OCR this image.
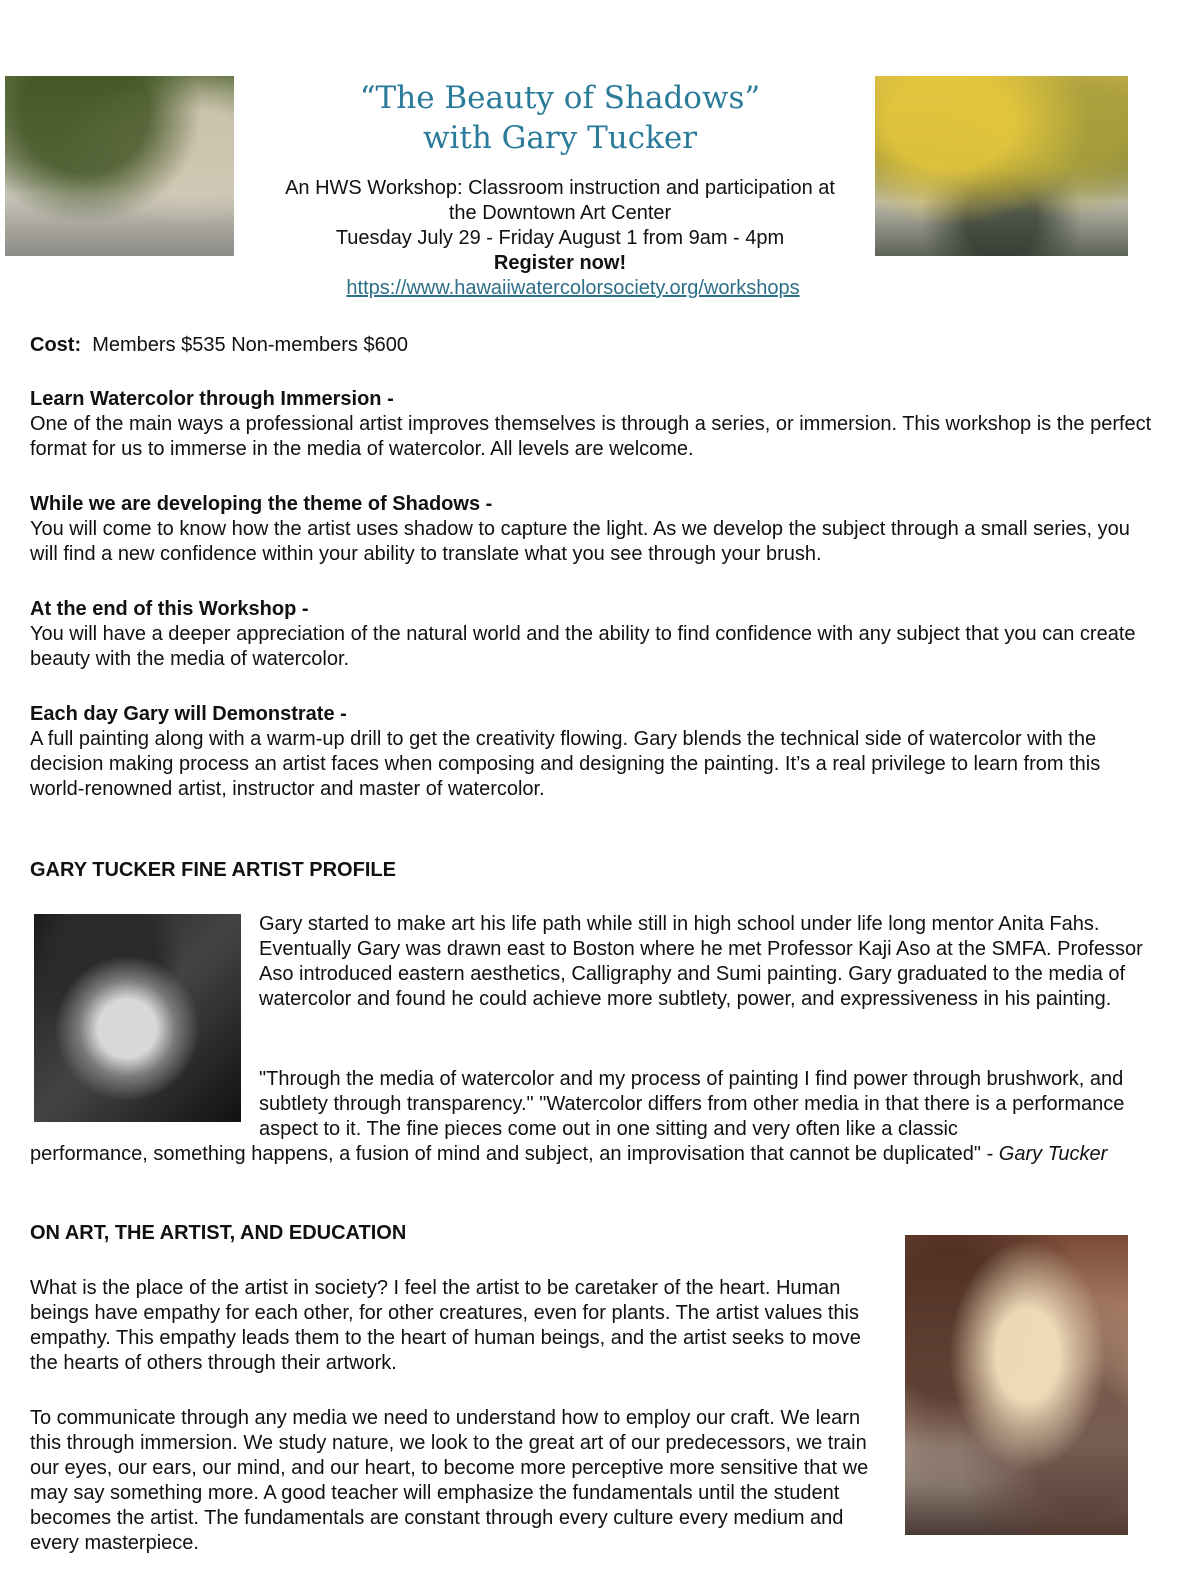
“The Beauty of Shadows”
with Gary Tucker
An HWS Workshop: Classroom instruction and participation at
the Downtown Art Center
Tuesday July 29 - Friday August 1 from 9am - 4pm
Register now!
https://www.hawaiiwatercolorsociety.org/workshops
Cost: Members $535 Non-members $600
Learn Watercolor through Immersion -
One of the main ways a professional artist improves themselves is through a series, or immersion. This workshop is the perfect format for us to immerse in the media of watercolor. All levels are welcome.
While we are developing the theme of Shadows -
You will come to know how the artist uses shadow to capture the light. As we develop the subject through a small series, you will find a new confidence within your ability to translate what you see through your brush.
At the end of this Workshop -
You will have a deeper appreciation of the natural world and the ability to find confidence with any subject that you can create beauty with the media of watercolor.
Each day Gary will Demonstrate -
A full painting along with a warm-up drill to get the creativity flowing. Gary blends the technical side of watercolor with the decision making process an artist faces when composing and designing the painting. It’s a real privilege to learn from this world-renowned artist, instructor and master of watercolor.
GARY TUCKER FINE ARTIST PROFILE
Gary started to make art his life path while still in high school under life long mentor Anita Fahs. Eventually Gary was drawn east to Boston where he met Professor Kaji Aso at the SMFA. Professor Aso introduced eastern aesthetics, Calligraphy and Sumi painting. Gary graduated to the media of watercolor and found he could achieve more subtlety, power, and expressiveness in his painting.
"Through the media of watercolor and my process of painting I find power through brushwork, and subtlety through transparency." "Watercolor differs from other media in that there is a performance aspect to it. The fine pieces come out in one sitting and very often like a classic
performance, something happens, a fusion of mind and subject, an improvisation that cannot be duplicated" - Gary Tucker
ON ART, THE ARTIST, AND EDUCATION
What is the place of the artist in society? I feel the artist to be caretaker of the heart. Human beings have empathy for each other, for other creatures, even for plants. The artist values this empathy. This empathy leads them to the heart of human beings, and the artist seeks to move the hearts of others through their artwork.
To communicate through any media we need to understand how to employ our craft. We learn this through immersion. We study nature, we look to the great art of our predecessors, we train our eyes, our ears, our mind, and our heart, to become more perceptive more sensitive that we may say something more. A good teacher will emphasize the fundamentals until the student becomes the artist. The fundamentals are constant through every culture every medium and every masterpiece.
